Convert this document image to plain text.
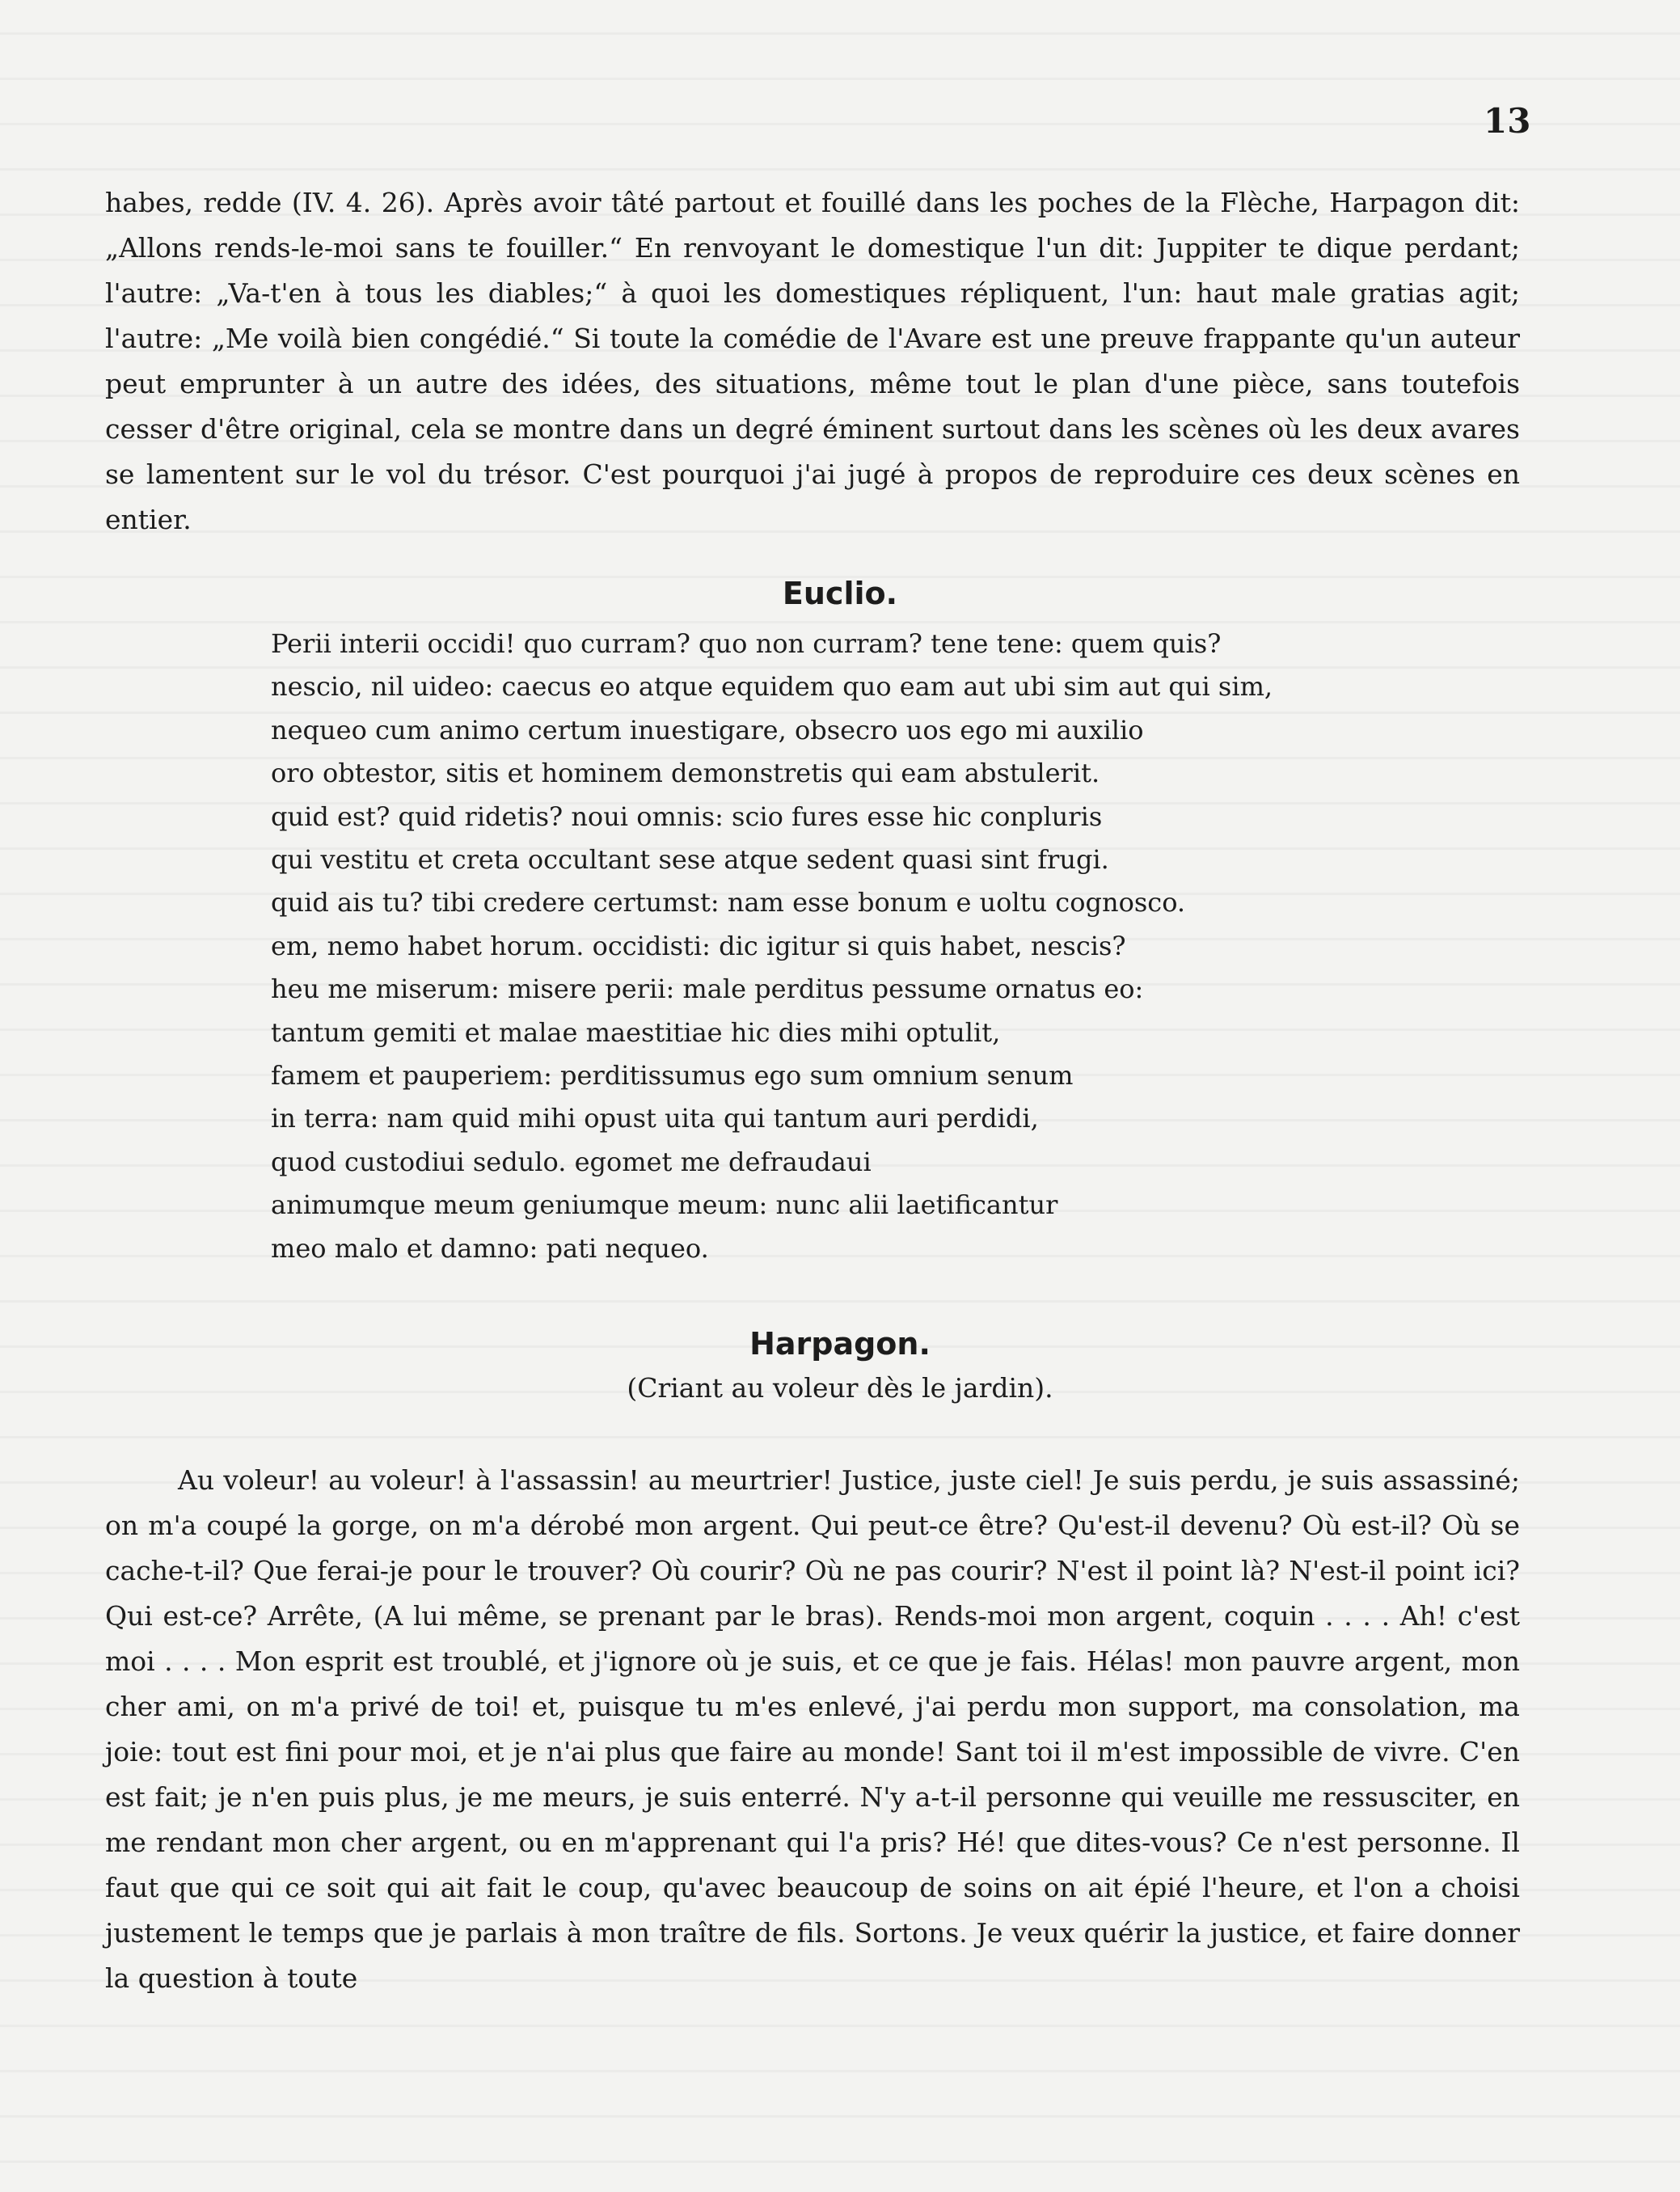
13

habes, redde (IV. 4. 26). Après avoir tâté partout et fouillé dans les poches de la Flèche, Harpagon dit: „Allons rends-le-moi sans te fouiller.“ En renvoyant le domestique l'un dit: Juppiter te dique perdant; l'autre: „Va-t'en à tous les diables;“ à quoi les domestiques répliquent, l'un: haut male gratias agit; l'autre: „Me voilà bien congédié.“ Si toute la comédie de l'Avare est une preuve frappante qu'un auteur peut emprunter à un autre des idées, des situations, même tout le plan d'une pièce, sans toutefois cesser d'être original, cela se montre dans un degré éminent surtout dans les scènes où les deux avares se lamentent sur le vol du trésor. C'est pourquoi j'ai jugé à propos de reproduire ces deux scènes en entier.

Euclio.
Perii interii occidi! quo curram? quo non curram? tene tene: quem quis?
nescio, nil uideo: caecus eo atque equidem quo eam aut ubi sim aut qui sim,
nequeo cum animo certum inuestigare, obsecro uos ego mi auxilio
oro obtestor, sitis et hominem demonstretis qui eam abstulerit.
quid est? quid ridetis? noui omnis: scio fures esse hic conpluris
qui vestitu et creta occultant sese atque sedent quasi sint frugi.
quid ais tu? tibi credere certumst: nam esse bonum e uoltu cognosco.
em, nemo habet horum. occidisti: dic igitur si quis habet, nescis?
heu me miserum: misere perii: male perditus pessume ornatus eo:
tantum gemiti et malae maestitiae hic dies mihi optulit,
famem et pauperiem: perditissumus ego sum omnium senum
in terra: nam quid mihi opust uita qui tantum auri perdidi,
quod custodiui sedulo. egomet me defraudaui
animumque meum geniumque meum: nunc alii laetificantur
meo malo et damno: pati nequeo.
Harpagon.
(Criant au voleur dès le jardin).

Au voleur! au voleur! à l'assassin! au meurtrier! Justice, juste ciel! Je suis perdu, je suis assassiné; on m'a coupé la gorge, on m'a dérobé mon argent. Qui peut-ce être? Qu'est-il devenu? Où est-il? Où se cache-t-il? Que ferai-je pour le trouver? Où courir? Où ne pas courir? N'est il point là? N'est-il point ici? Qui est-ce? Arrête, (A lui même, se prenant par le bras). Rends-moi mon argent, coquin . . . . Ah! c'est moi . . . . Mon esprit est troublé, et j'ignore où je suis, et ce que je fais. Hélas! mon pauvre argent, mon cher ami, on m'a privé de toi! et, puisque tu m'es enlevé, j'ai perdu mon support, ma consolation, ma joie: tout est fini pour moi, et je n'ai plus que faire au monde! Sant toi il m'est impossible de vivre. C'en est fait; je n'en puis plus, je me meurs, je suis enterré. N'y a-t-il personne qui veuille me ressusciter, en me rendant mon cher argent, ou en m'apprenant qui l'a pris? Hé! que dites-vous? Ce n'est personne. Il faut que qui ce soit qui ait fait le coup, qu'avec beaucoup de soins on ait épié l'heure, et l'on a choisi justement le temps que je parlais à mon traître de fils. Sortons. Je veux quérir la justice, et faire donner la question à toute
